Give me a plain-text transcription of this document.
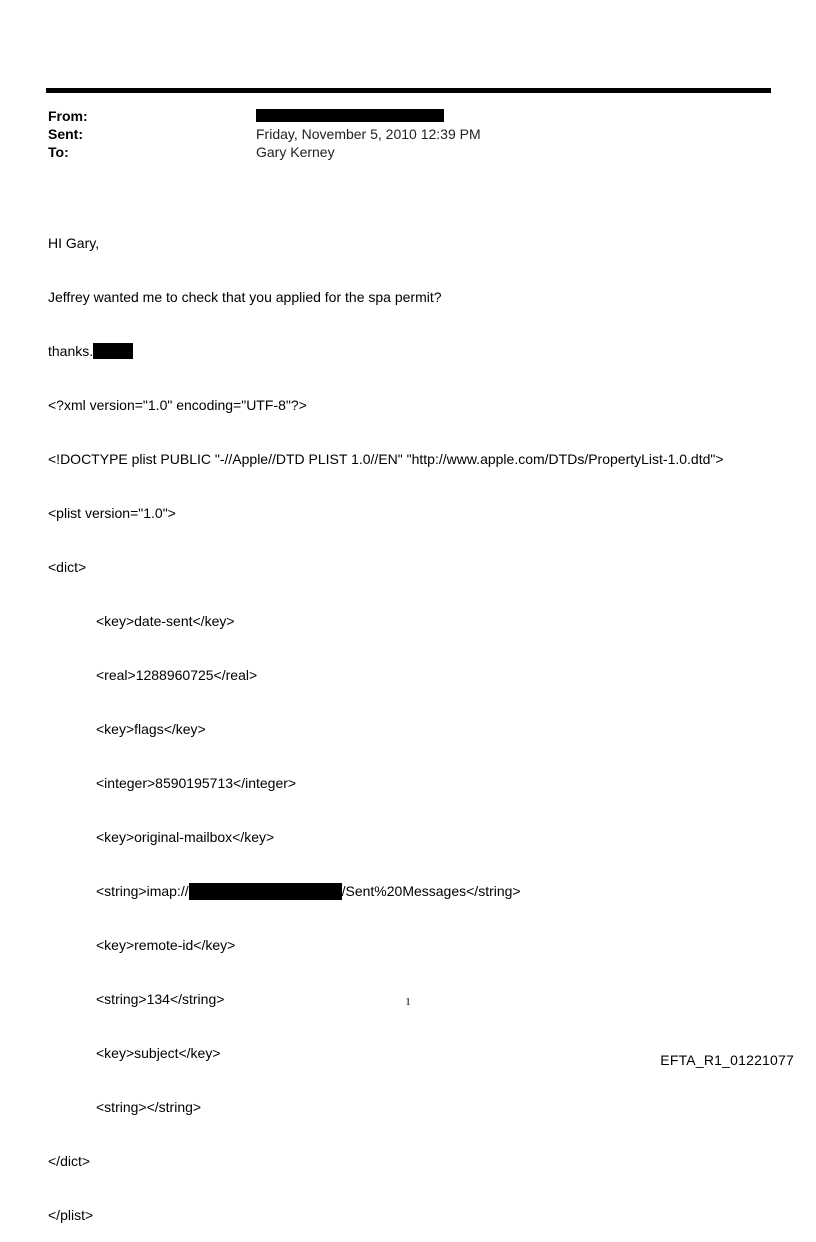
From:
Sent:	Friday, November 5, 2010 12:39 PM
To:	Gary Kerney

HI Gary,

Jeffrey wanted me to check that you applied for the spa permit?

thanks.

<?xml version="1.0" encoding="UTF-8"?>

<!DOCTYPE plist PUBLIC "-//Apple//DTD PLIST 1.0//EN" "http://www.apple.com/DTDs/PropertyList-1.0.dtd">

<plist version="1.0">

<dict>

<key>date-sent</key>

<real>1288960725</real>

<key>flags</key>

<integer>8590195713</integer>

<key>original-mailbox</key>

<string>imap://	/Sent%20Messages</string>

<key>remote-id</key>

<string>134</string>

<key>subject</key>

<string></string>

</dict>

</plist>

1
EFTA_R1_01221077
